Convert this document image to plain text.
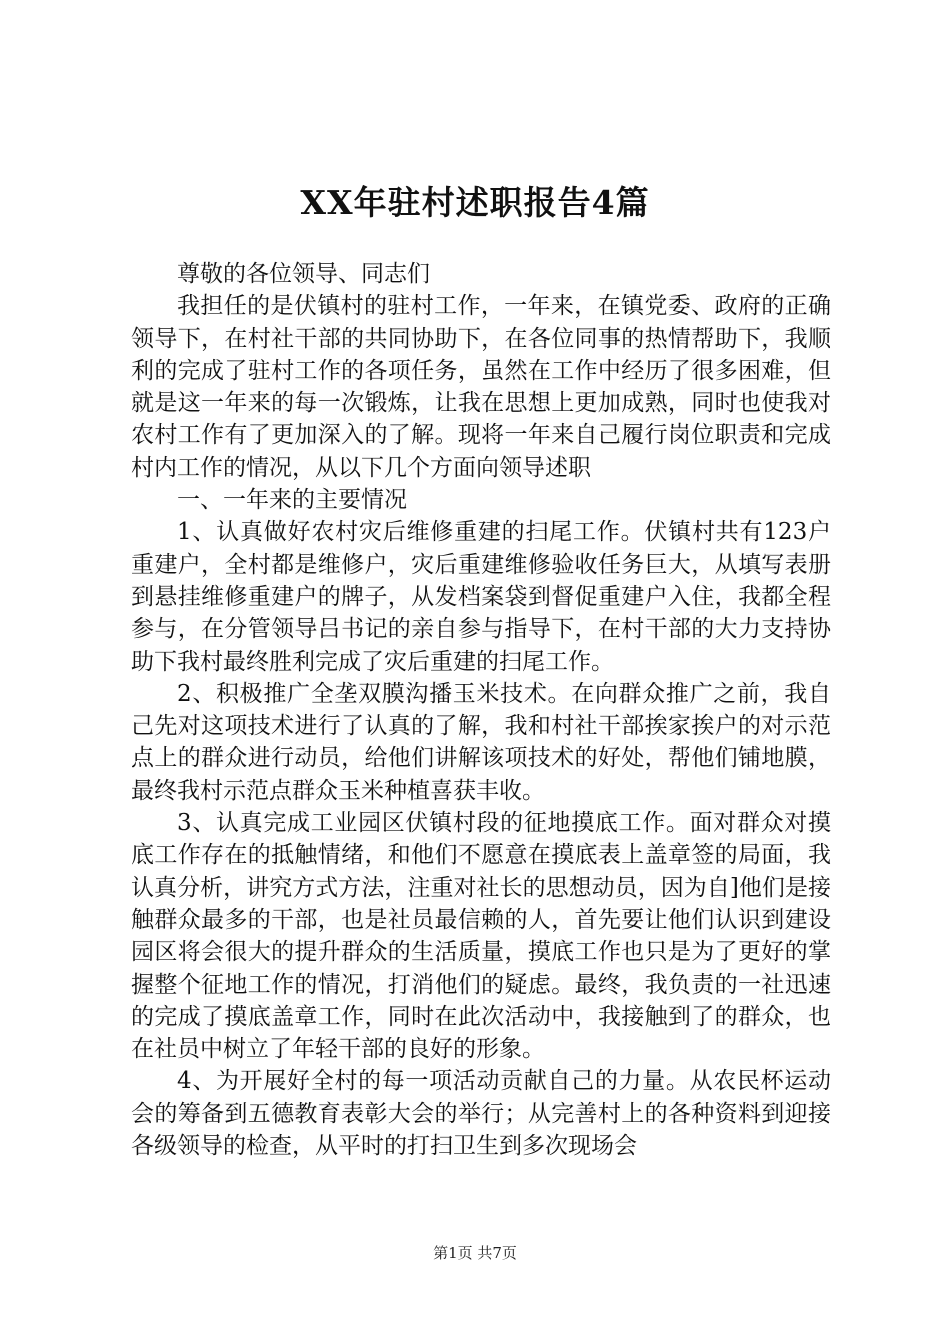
XX年驻村述职报告4篇

尊敬的各位领导、同志们

我担任的是伏镇村的驻村工作，一年来，在镇党委、政府的正确领导下，在村社干部的共同协助下，在各位同事的热情帮助下，我顺利的完成了驻村工作的各项任务，虽然在工作中经历了很多困难，但就是这一年来的每一次锻炼，让我在思想上更加成熟，同时也使我对农村工作有了更加深入的了解。现将一年来自己履行岗位职责和完成村内工作的情况，从以下几个方面向领导述职

一、一年来的主要情况

1、认真做好农村灾后维修重建的扫尾工作。伏镇村共有123户重建户，全村都是维修户，灾后重建维修验收任务巨大，从填写表册到悬挂维修重建户的牌子，从发档案袋到督促重建户入住，我都全程参与，在分管领导吕书记的亲自参与指导下，在村干部的大力支持协助下我村最终胜利完成了灾后重建的扫尾工作。

2、积极推广全垄双膜沟播玉米技术。在向群众推广之前，我自己先对这项技术进行了认真的了解，我和村社干部挨家挨户的对示范点上的群众进行动员，给他们讲解该项技术的好处，帮他们铺地膜，最终我村示范点群众玉米种植喜获丰收。

3、认真完成工业园区伏镇村段的征地摸底工作。面对群众对摸底工作存在的抵触情绪，和他们不愿意在摸底表上盖章签的局面，我认真分析，讲究方式方法，注重对社长的思想动员，因为自]他们是接触群众最多的干部，也是社员最信赖的人，首先要让他们认识到建设园区将会很大的提升群众的生活质量，摸底工作也只是为了更好的掌握整个征地工作的情况，打消他们的疑虑。最终，我负责的一社迅速的完成了摸底盖章工作，同时在此次活动中，我接触到了的群众，也在社员中树立了年轻干部的良好的形象。

4、为开展好全村的每一项活动贡献自己的力量。从农民杯运动会的筹备到五德教育表彰大会的举行；从完善村上的各种资料到迎接各级领导的检查，从平时的打扫卫生到多次现场会

第1页 共7页
